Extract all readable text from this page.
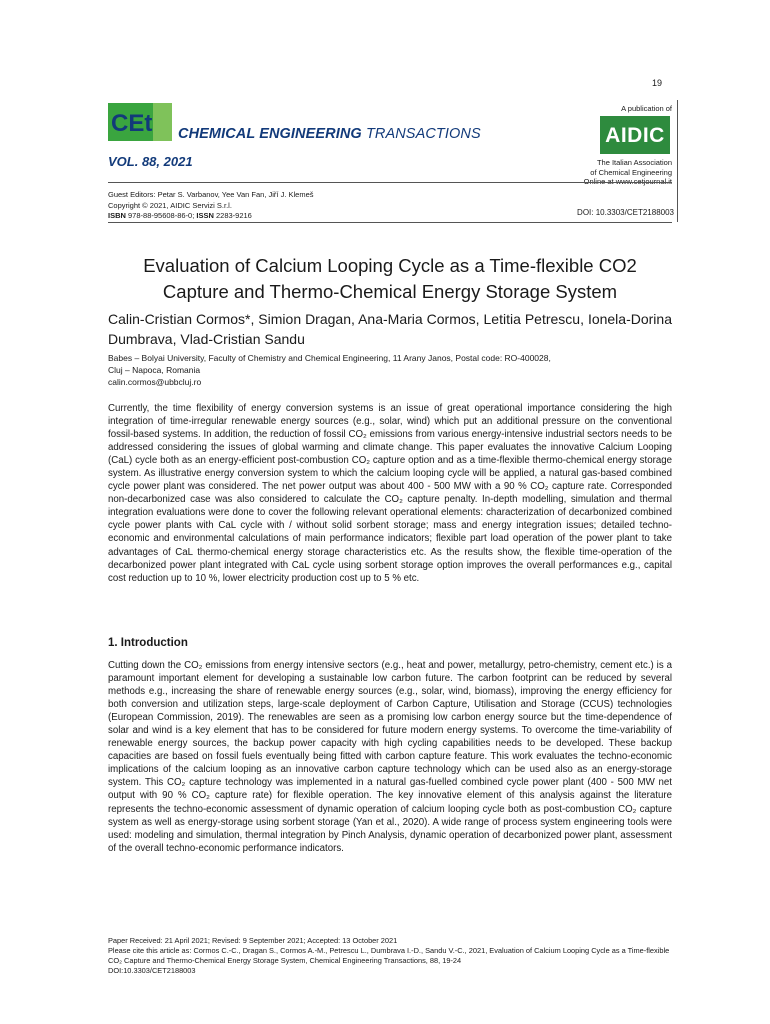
19
CEt CHEMICAL ENGINEERING TRANSACTIONS
VOL. 88, 2021
A publication of
AIDIC
The Italian Association
of Chemical Engineering
Online at www.cetjournal.it
Guest Editors: Petar S. Varbanov, Yee Van Fan, Jiří J. Klemeš
Copyright © 2021, AIDIC Servizi S.r.l.
ISBN 978-88-95608-86-0; ISSN 2283-9216	DOI: 10.3303/CET2188003
Evaluation of Calcium Looping Cycle as a Time-flexible CO2 Capture and Thermo-Chemical Energy Storage System
Calin-Cristian Cormos*, Simion Dragan, Ana-Maria Cormos, Letitia Petrescu, Ionela-Dorina Dumbrava, Vlad-Cristian Sandu
Babes – Bolyai University, Faculty of Chemistry and Chemical Engineering, 11 Arany Janos, Postal code: RO-400028,
Cluj – Napoca, Romania
calin.cormos@ubbcluj.ro

Currently, the time flexibility of energy conversion systems is an issue of great operational importance considering the high integration of time-irregular renewable energy sources (e.g., solar, wind) which put an additional pressure on the conventional fossil-based systems. In addition, the reduction of fossil CO₂ emissions from various energy-intensive industrial sectors needs to be addressed considering the issues of global warming and climate change. This paper evaluates the innovative Calcium Looping (CaL) cycle both as an energy-efficient post-combustion CO₂ capture option and as a time-flexible thermo-chemical energy storage system. As illustrative energy conversion system to which the calcium looping cycle will be applied, a natural gas-based combined cycle power plant was considered. The net power output was about 400 - 500 MW with a 90 % CO₂ capture rate. Corresponded non-decarbonized case was also considered to calculate the CO₂ capture penalty. In-depth modelling, simulation and thermal integration evaluations were done to cover the following relevant operational elements: characterization of decarbonized combined cycle power plants with CaL cycle with / without solid sorbent storage; mass and energy integration issues; detailed techno-economic and environmental calculations of main performance indicators; flexible part load operation of the power plant to take advantages of CaL thermo-chemical energy storage characteristics etc. As the results show, the flexible time-operation of the decarbonized power plant integrated with CaL cycle using sorbent storage option improves the overall performances e.g., capital cost reduction up to 10 %, lower electricity production cost up to 5 % etc.

1. Introduction

Cutting down the CO₂ emissions from energy intensive sectors (e.g., heat and power, metallurgy, petro-chemistry, cement etc.) is a paramount important element for developing a sustainable low carbon future. The carbon footprint can be reduced by several methods e.g., increasing the share of renewable energy sources (e.g., solar, wind, biomass), improving the energy efficiency for both conversion and utilization steps, large-scale deployment of Carbon Capture, Utilisation and Storage (CCUS) technologies (European Commission, 2019). The renewables are seen as a promising low carbon energy source but the time-dependence of solar and wind is a key element that has to be considered for future modern energy systems. To overcome the time-variability of renewable energy sources, the backup power capacity with high cycling capabilities needs to be developed. These backup capacities are based on fossil fuels eventually being fitted with carbon capture feature. This work evaluates the techno-economic implications of the calcium looping as an innovative carbon capture technology which can be used also as an energy-storage system. This CO₂ capture technology was implemented in a natural gas-fuelled combined cycle power plant (400 - 500 MW net output with 90 % CO₂ capture rate) for flexible operation. The key innovative element of this analysis against the literature represents the techno-economic assessment of dynamic operation of calcium looping cycle both as post-combustion CO₂ capture system as well as energy-storage using sorbent storage (Yan et al., 2020). A wide range of process system engineering tools were used: modeling and simulation, thermal integration by Pinch Analysis, dynamic operation of decarbonized power plant, assessment of the overall techno-economic performance indicators.

Paper Received: 21 April 2021; Revised: 9 September 2021; Accepted: 13 October 2021
Please cite this article as: Cormos C.-C., Dragan S., Cormos A.-M., Petrescu L., Dumbrava I.-D., Sandu V.-C., 2021, Evaluation of Calcium Looping Cycle as a Time-flexible CO₂ Capture and Thermo-Chemical Energy Storage System, Chemical Engineering Transactions, 88, 19-24
DOI:10.3303/CET2188003
